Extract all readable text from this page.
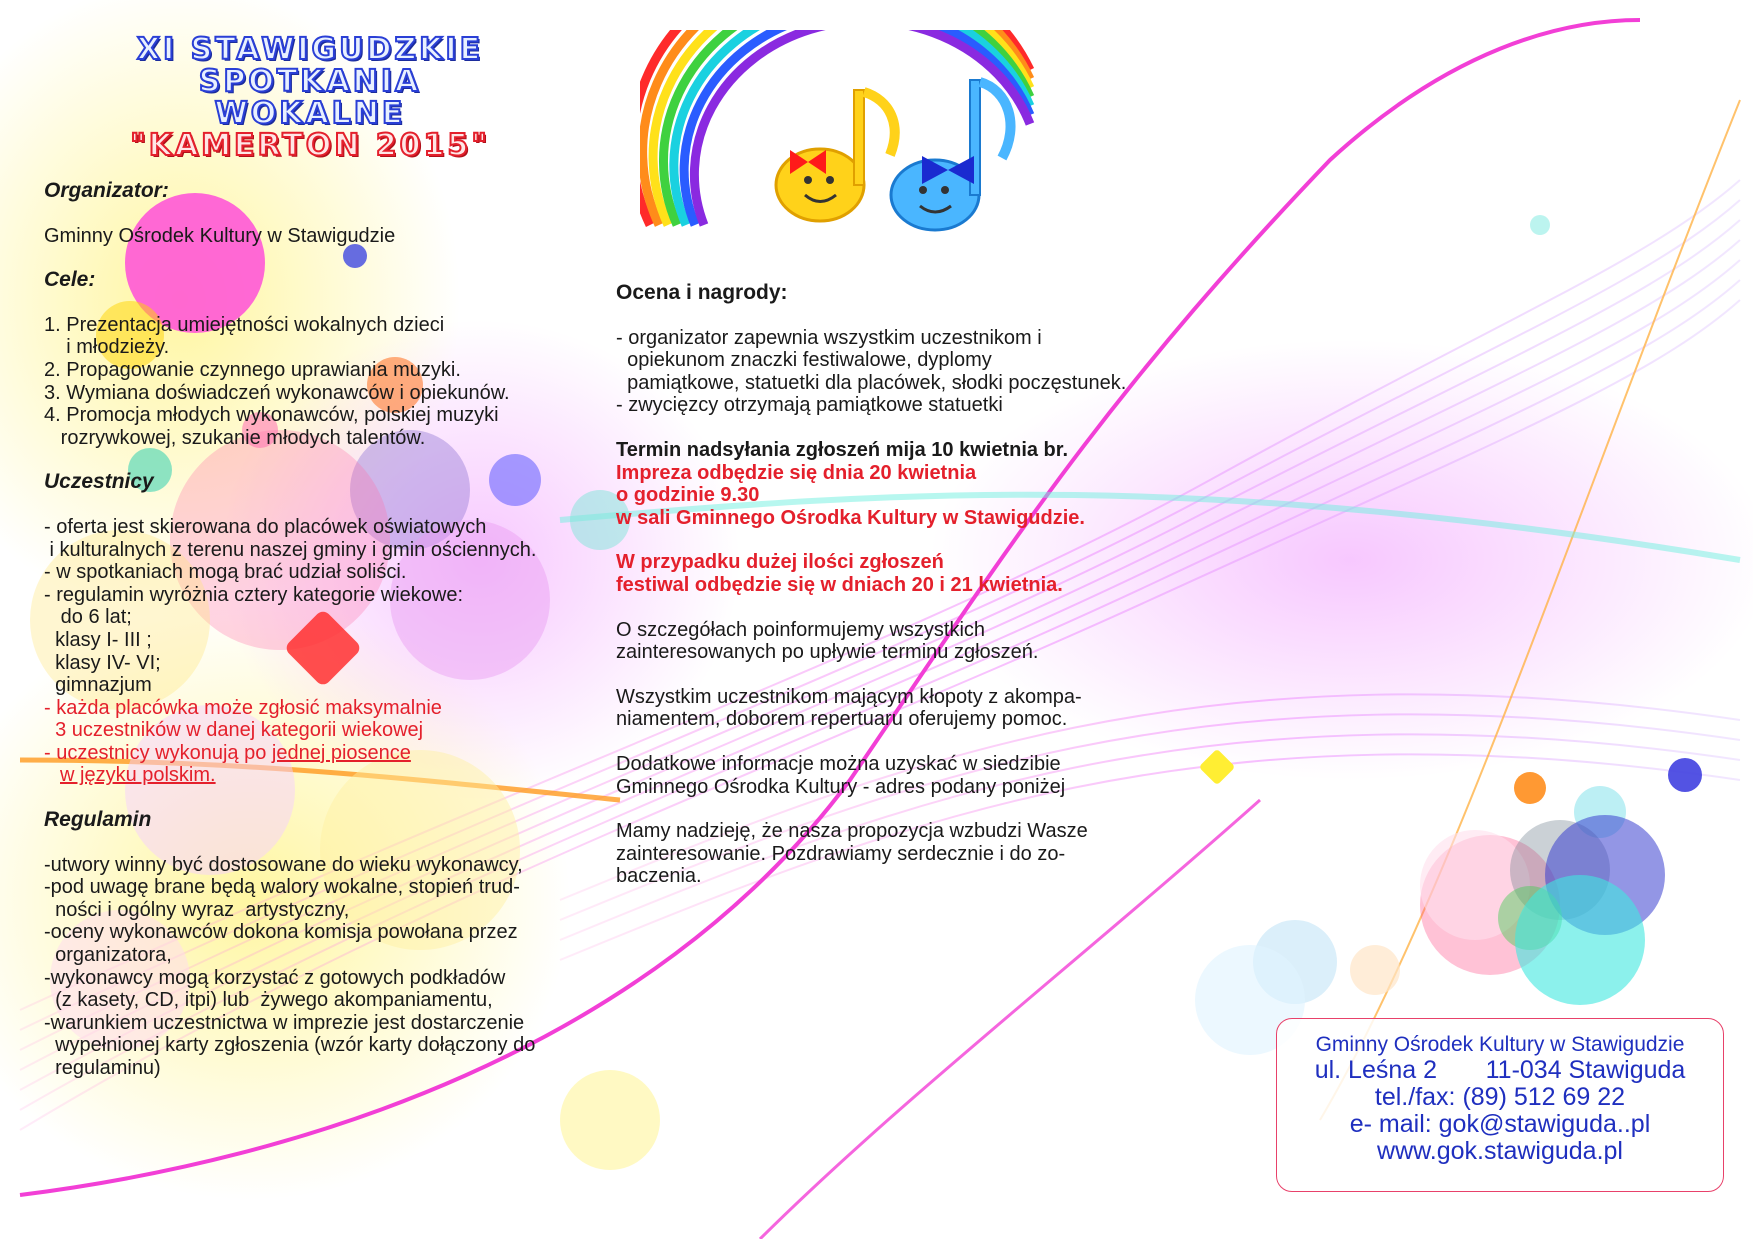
XI STAWIGUDZKIE SPOTKANIA
WOKALNE
"KAMERTON 2015"
Organizator:
Gminny Ośrodek Kultury w Stawigudzie
Cele:
1. Prezentacja umiejętności wokalnych dzieci
i młodzieży.
2. Propagowanie czynnego uprawiania muzyki.
3. Wymiana doświadczeń wykonawców i opiekunów.
4. Promocja młodych wykonawców, polskiej muzyki
rozrywkowej, szukanie młodych talentów.
Uczestnicy
- oferta jest skierowana do placówek oświatowych
i kulturalnych z terenu naszej gminy i gmin ościennych.
- w spotkaniach mogą brać udział soliści.
- regulamin wyróżnia cztery kategorie wiekowe:
do 6 lat;
klasy I- III ;
klasy IV- VI;
gimnazjum
- każda placówka może zgłosić maksymalnie
3 uczestników w danej kategorii wiekowej
- uczestnicy wykonują po jednej piosence
w języku polskim.
Regulamin
-utwory winny być dostosowane do wieku wykonawcy,
-pod uwagę brane będą walory wokalne, stopień trud-
ności i ogólny wyraz  artystyczny,
-oceny wykonawców dokona komisja powołana przez
organizatora,
-wykonawcy mogą korzystać z gotowych podkładów
(z kasety, CD, itpi) lub  żywego akompaniamentu,
-warunkiem uczestnictwa w imprezie jest dostarczenie
wypełnionej karty zgłoszenia (wzór karty dołączony do
regulaminu)
Ocena i nagrody:
- organizator zapewnia wszystkim uczestnikom i
opiekunom znaczki festiwalowe, dyplomy
pamiątkowe, statuetki dla placówek, słodki poczęstunek.
- zwycięzcy otrzymają pamiątkowe statuetki
Termin nadsyłania zgłoszeń mija 10 kwietnia br.
Impreza odbędzie się dnia 20 kwietnia
o godzinie 9.30
w sali Gminnego Ośrodka Kultury w Stawigudzie.
W przypadku dużej ilości zgłoszeń
festiwal odbędzie się w dniach 20 i 21 kwietnia.
O szczegółach poinformujemy wszystkich
zainteresowanych po upływie terminu zgłoszeń.
Wszystkim uczestnikom mającym kłopoty z akompa-
niamentem, doborem repertuaru oferujemy pomoc.
Dodatkowe informacje można uzyskać w siedzibie
Gminnego Ośrodka Kultury - adres podany poniżej
Mamy nadzieję, że nasza propozycja wzbudzi Wasze
zainteresowanie. Pozdrawiamy serdecznie i do zo-
baczenia.
Gminny Ośrodek Kultury w Stawigudzie
ul. Leśna 2       11-034 Stawiguda
tel./fax: (89) 512 69 22
e- mail: gok@stawiguda..pl
www.gok.stawiguda.pl
